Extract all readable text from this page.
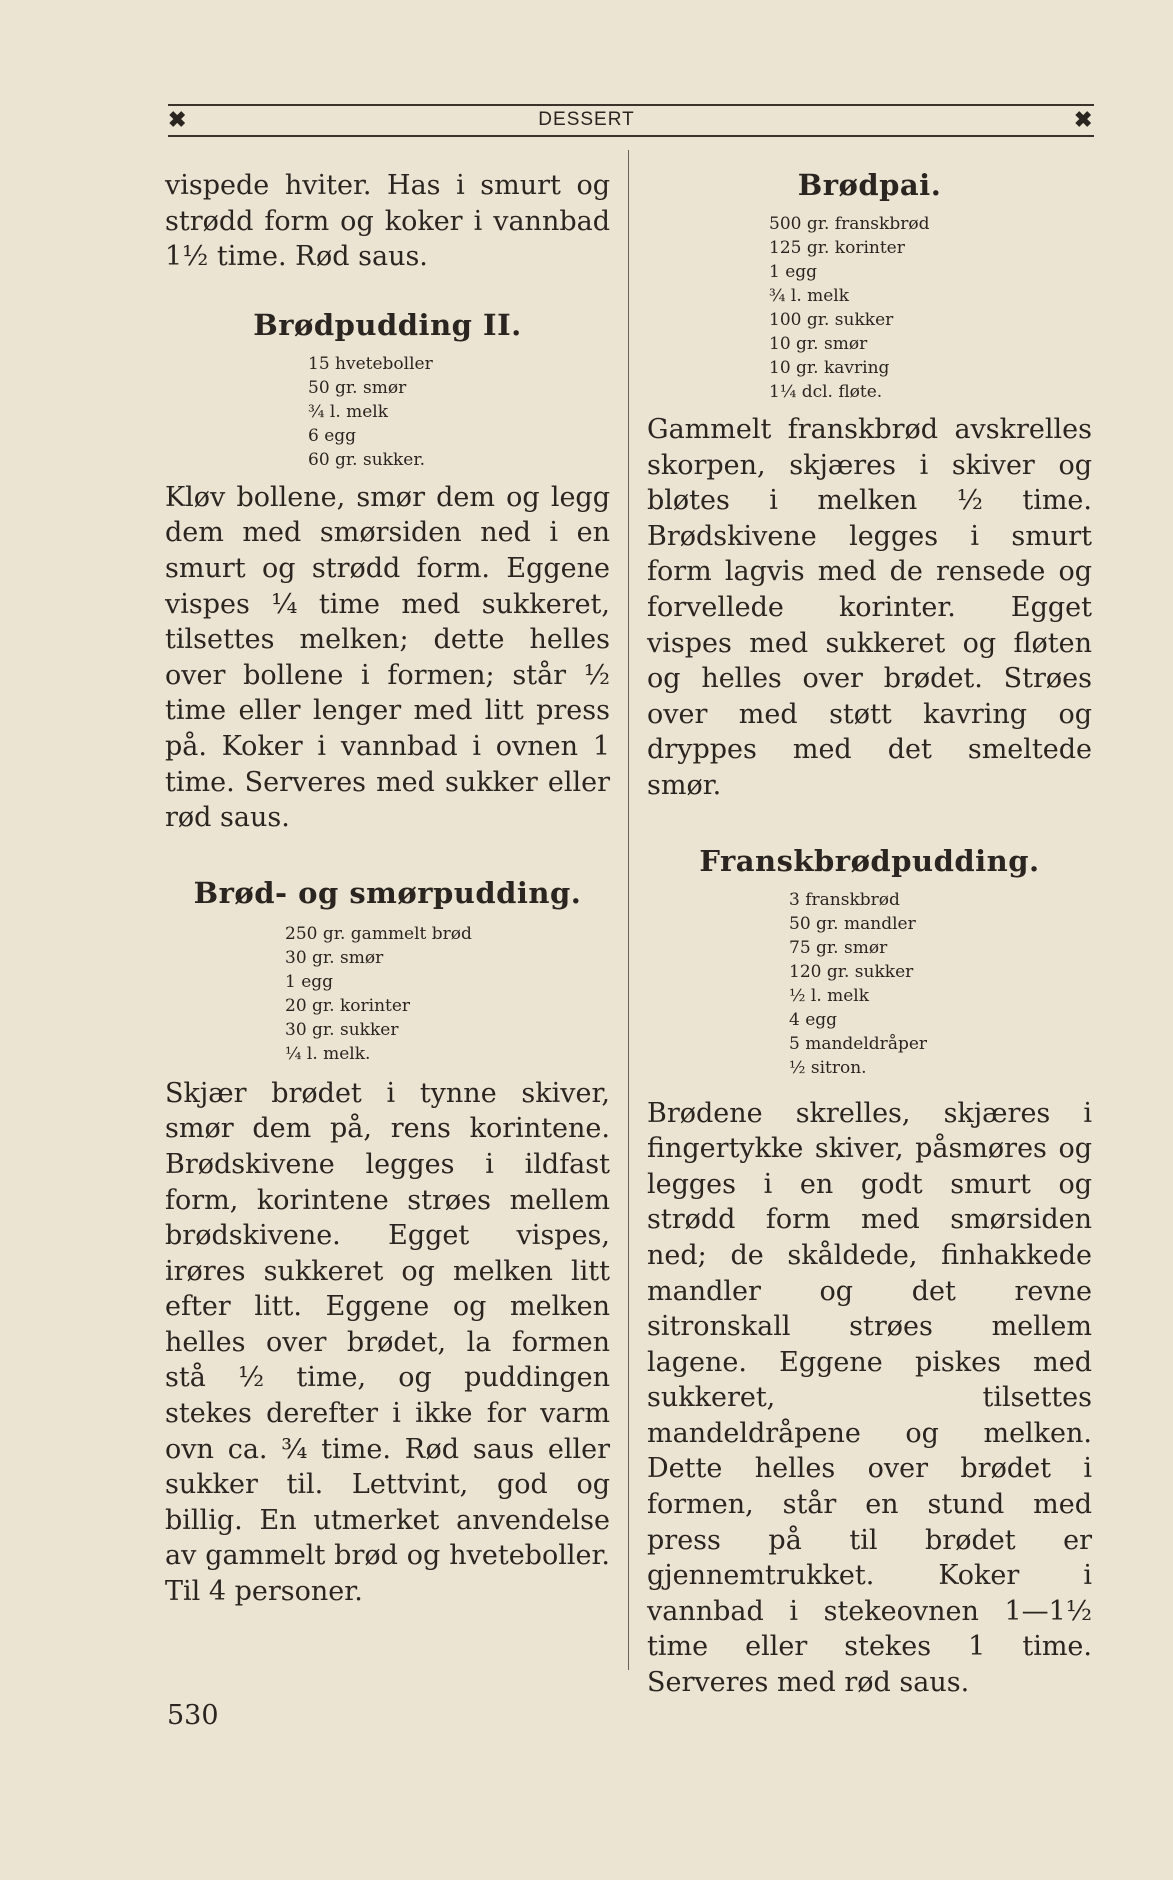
✖	DESSERT	✖

vispede hviter. Has i smurt og strødd form og koker i vannbad 1½ time. Rød saus.

Brødpudding II.
15 hveteboller
50 gr. smør
¾ l. melk
6 egg
60 gr. sukker.

Kløv bollene, smør dem og legg dem med smørsiden ned i en smurt og strødd form. Eggene vispes ¼ time med sukkeret, tilsettes melken; dette helles over bollene i formen; står ½ time eller lenger med litt press på. Koker i vannbad i ovnen 1 time. Serveres med sukker eller rød saus.

Brød- og smørpudding.
250 gr. gammelt brød
30 gr. smør
1 egg
20 gr. korinter
30 gr. sukker
¼ l. melk.

Skjær brødet i tynne skiver, smør dem på, rens korintene. Brødskivene legges i ildfast form, korintene strøes mellem brødskivene. Egget vispes, irøres sukkeret og melken litt efter litt. Eggene og melken helles over brødet, la formen stå ½ time, og puddingen stekes derefter i ikke for varm ovn ca. ¾ time. Rød saus eller sukker til. Lettvint, god og billig. En utmerket anvendelse av gammelt brød og hveteboller. Til 4 personer.

Brødpai.
500 gr. franskbrød
125 gr. korinter
1 egg
¾ l. melk
100 gr. sukker
10 gr. smør
10 gr. kavring
1¼ dcl. fløte.

Gammelt franskbrød avskrelles skorpen, skjæres i skiver og bløtes i melken ½ time. Brødskivene legges i smurt form lagvis med de rensede og forvellede korinter. Egget vispes med sukkeret og fløten og helles over brødet. Strøes over med støtt kavring og dryppes med det smeltede smør.

Franskbrødpudding.
3 franskbrød
50 gr. mandler
75 gr. smør
120 gr. sukker
½ l. melk
4 egg
5 mandeldråper
½ sitron.

Brødene skrelles, skjæres i fingertykke skiver, påsmøres og legges i en godt smurt og strødd form med smørsiden ned; de skåldede, finhakkede mandler og det revne sitronskall strøes mellem lagene. Eggene piskes med sukkeret, tilsettes mandeldråpene og melken. Dette helles over brødet i formen, står en stund med press på til brødet er gjennemtrukket. Koker i vannbad i stekeovnen 1—1½ time eller stekes 1 time. Serveres med rød saus.

530
